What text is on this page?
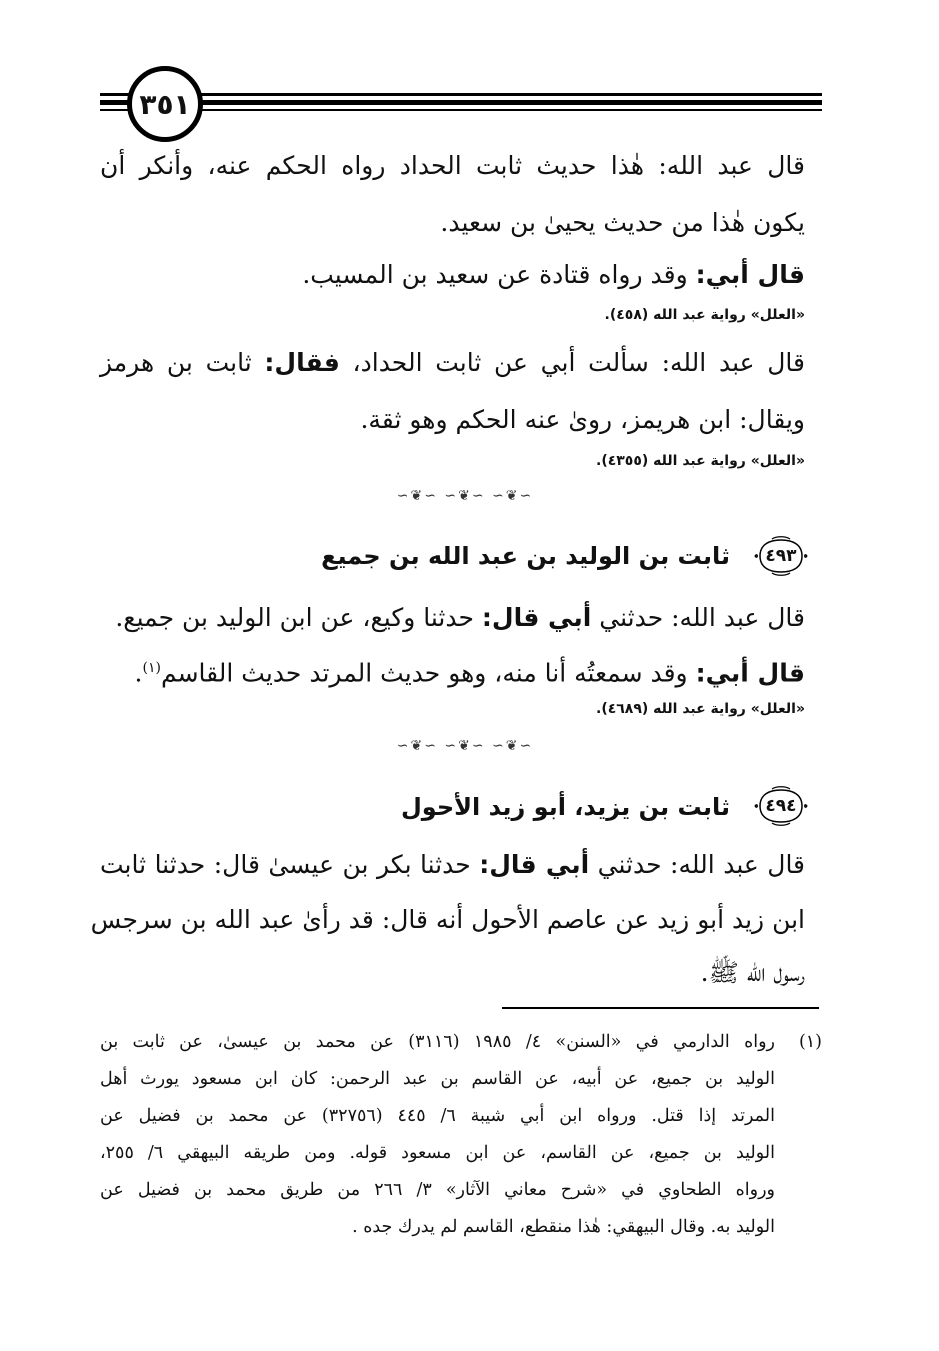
٣٥١
قال عبد الله: هٰذا حديث ثابت الحداد رواه الحكم عنه، وأنكر أن
يكون هٰذا من حديث يحيىٰ بن سعيد.
قال أبي: وقد رواه قتادة عن سعيد بن المسيب.
«العلل» رواية عبد الله (٤٥٨).
قال عبد الله: سألت أبي عن ثابت الحداد، فقال: ثابت بن هرمز
ويقال: ابن هريمز، رویٰ عنه الحكم وهو ثقة.
«العلل» رواية عبد الله (٤٣٥٥).
∽❦∽ ∽❦∽ ∽❦∽
٤٩٣
ثابت بن الوليد بن عبد الله بن جميع
قال عبد الله: حدثني أبي قال: حدثنا وكيع، عن ابن الوليد بن جميع.
قال أبي: وقد سمعتُه أنا منه، وهو حديث المرتد حديث القاسم$^{(١)}$.
«العلل» رواية عبد الله (٤٦٨٩).
∽❦∽ ∽❦∽ ∽❦∽
٤٩٤
ثابت بن يزيد، أبو زيد الأحول
قال عبد الله: حدثني أبي قال: حدثنا بكر بن عيسىٰ قال: حدثنا ثابت
ابن زيد أبو زيد عن عاصم الأحول أنه قال: قد رأىٰ عبد الله بن سرجس
رسول الله ﷺ.
(١)
رواه الدارمي في «السنن» ٤/ ١٩٨٥ (٣١١٦) عن محمد بن عيسىٰ، عن ثابت بن
الوليد بن جميع، عن أبيه، عن القاسم بن عبد الرحمن: كان ابن مسعود يورث أهل
المرتد إذا قتل. ورواه ابن أبي شيبة ٦/ ٤٤٥ (٣٢٧٥٦) عن محمد بن فضيل عن
الوليد بن جميع، عن القاسم، عن ابن مسعود قوله. ومن طريقه البيهقي ٦/ ٢٥٥،
ورواه الطحاوي في «شرح معاني الآثار» ٣/ ٢٦٦ من طريق محمد بن فضيل عن
الوليد به. وقال البيهقي: هٰذا منقطع، القاسم لم يدرك جده .
